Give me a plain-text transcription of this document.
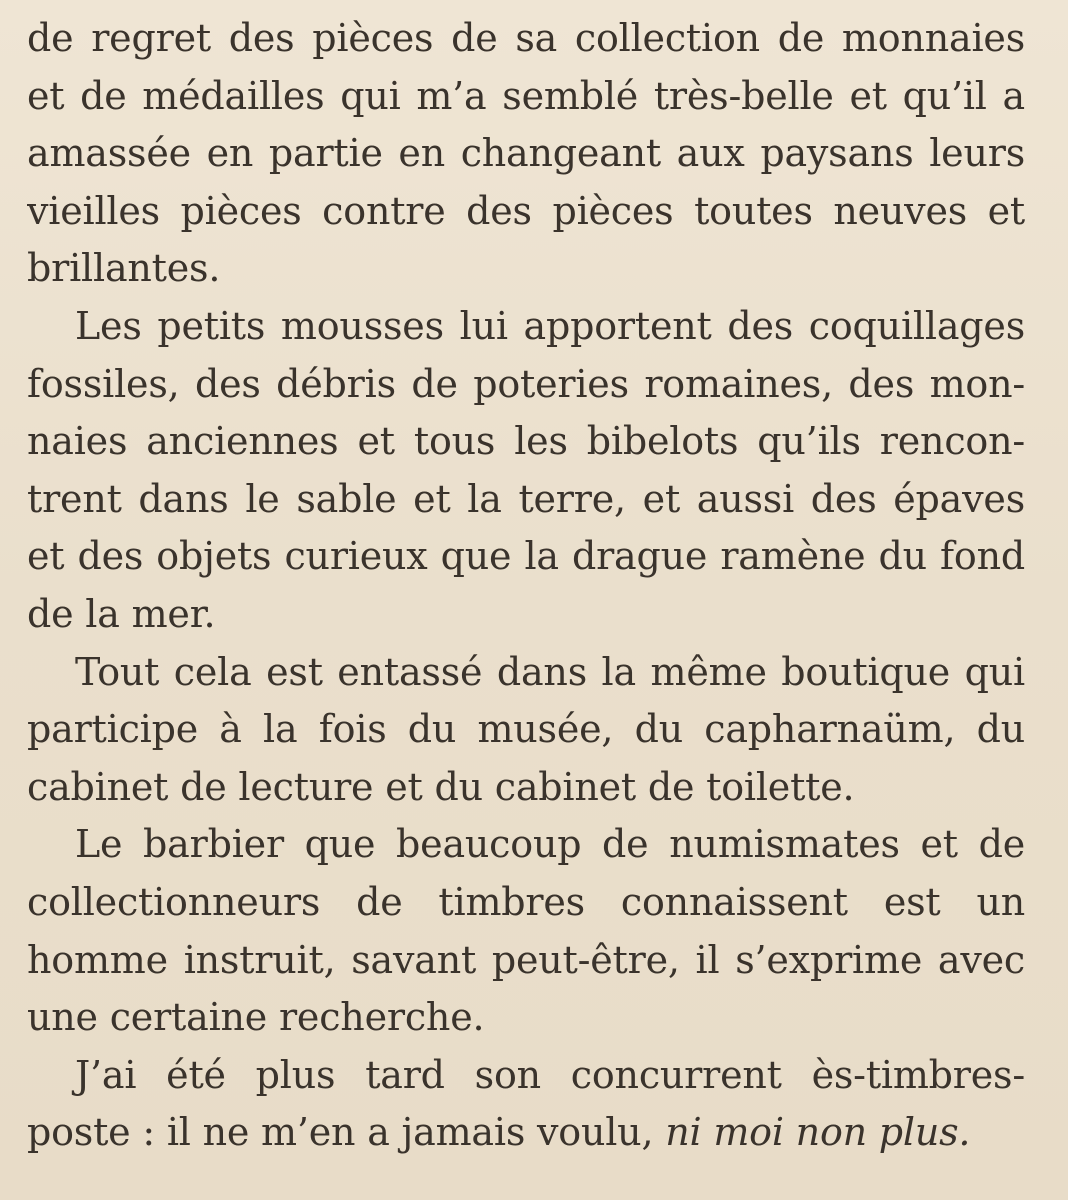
de regret des pièces de sa collection de monnaies
et de médailles qui m’a semblé très-belle et qu’il a
amassée en partie en changeant aux paysans leurs
vieilles pièces contre des pièces toutes neuves et
brillantes.
Les petits mousses lui apportent des coquillages
fossiles, des débris de poteries romaines, des mon-
naies anciennes et tous les bibelots qu’ils rencon-
trent dans le sable et la terre, et aussi des épaves
et des objets curieux que la drague ramène du fond
de la mer.
Tout cela est entassé dans la même boutique qui
participe à la fois du musée, du capharnaüm, du
cabinet de lecture et du cabinet de toilette.
Le barbier que beaucoup de numismates et de
collectionneurs de timbres connaissent est un
homme instruit, savant peut-être, il s’exprime avec
une certaine recherche.
J’ai été plus tard son concurrent ès-timbres-
poste : il ne m’en a jamais voulu, ni moi non plus.
